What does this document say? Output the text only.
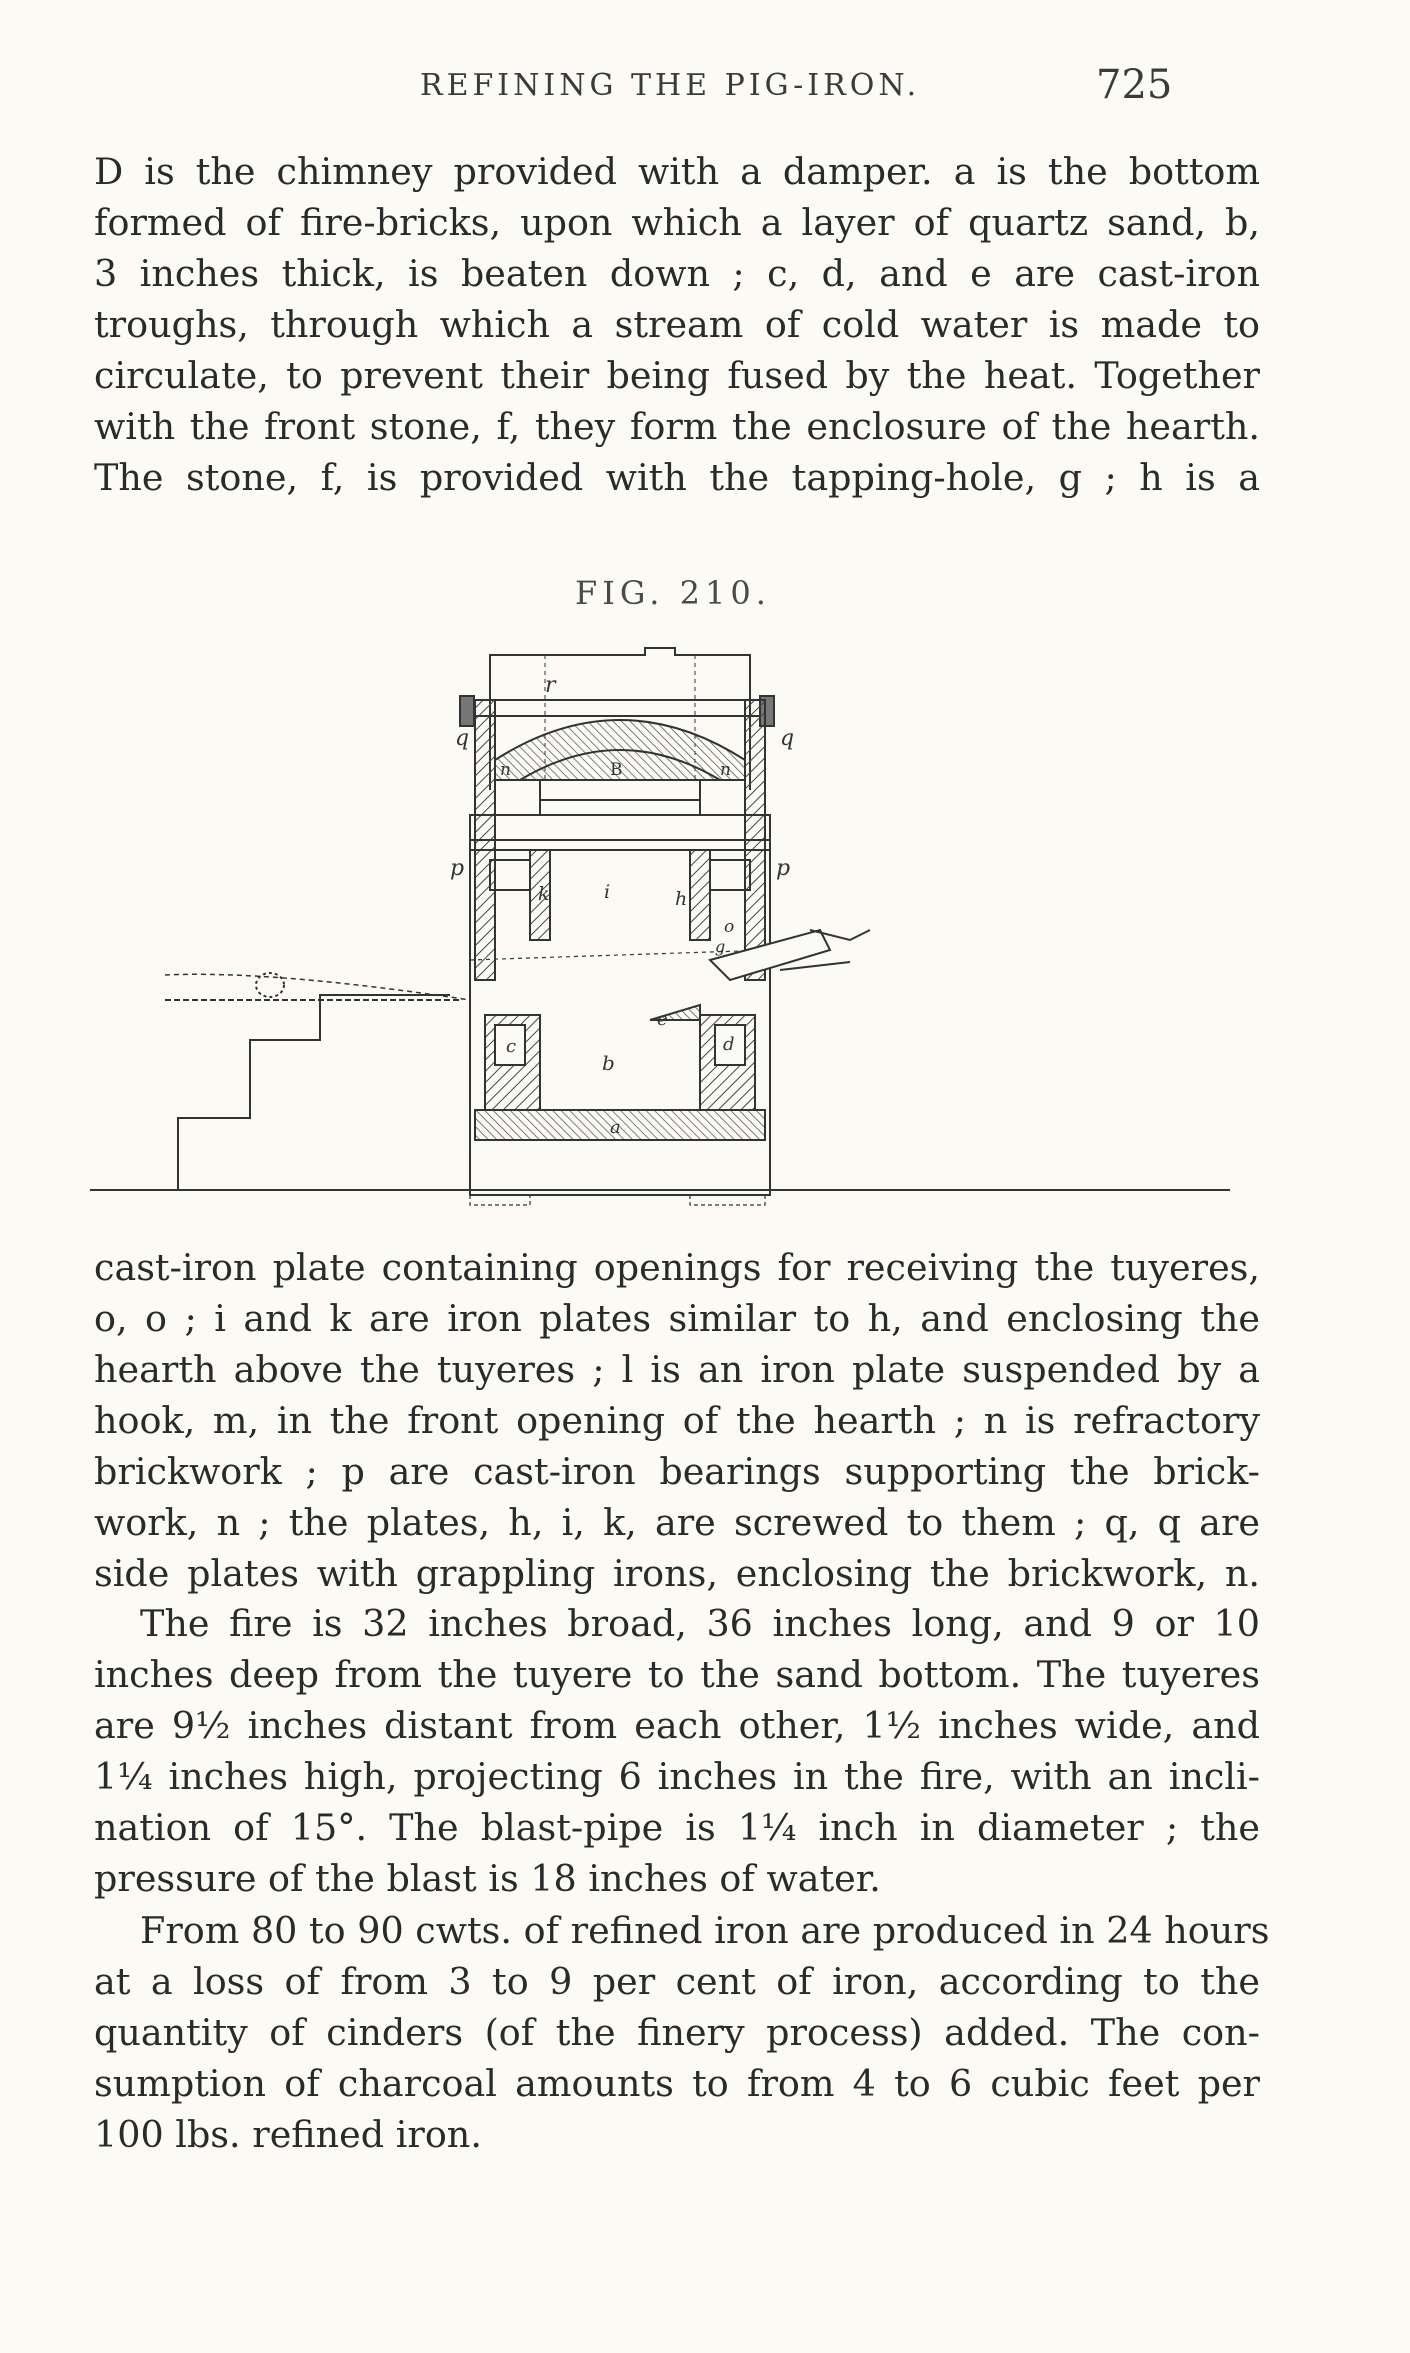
REFINING THE PIG-IRON.	725

D is the chimney provided with a damper. a is the bottom
formed of fire-bricks, upon which a layer of quartz sand, b,
3 inches thick, is beaten down ; c, d, and e are cast-iron
troughs, through which a stream of cold water is made to
circulate, to prevent their being fused by the heat. Together
with the front stone, f, they form the enclosure of the hearth.
The stone, f, is provided with the tapping-hole, g ; h is a

FIG. 210.
r
q	q
n	n
B
p	p
k	i	h
o
g
c
b
e
d
a

cast-iron plate containing openings for receiving the tuyeres,
o, o ; i and k are iron plates similar to h, and enclosing the
hearth above the tuyeres ; l is an iron plate suspended by a
hook, m, in the front opening of the hearth ; n is refractory
brickwork ; p are cast-iron bearings supporting the brick-
work, n ; the plates, h, i, k, are screwed to them ; q, q are
side plates with grappling irons, enclosing the brickwork, n.

The fire is 32 inches broad, 36 inches long, and 9 or 10
inches deep from the tuyere to the sand bottom. The tuyeres
are 9½ inches distant from each other, 1½ inches wide, and
1¼ inches high, projecting 6 inches in the fire, with an incli-
nation of 15°. The blast-pipe is 1¼ inch in diameter ; the
pressure of the blast is 18 inches of water.

From 80 to 90 cwts. of refined iron are produced in 24 hours
at a loss of from 3 to 9 per cent of iron, according to the
quantity of cinders (of the finery process) added. The con-
sumption of charcoal amounts to from 4 to 6 cubic feet per
100 lbs. refined iron.
